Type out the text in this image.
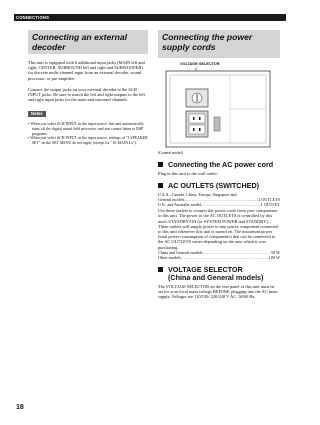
CONNECTIONS
Connecting an external decoder

This unit is equipped with 6 additional input jacks (MAIN left and right, CENTER, SURROUND left and right and SUBWOOFER) for discrete multi-channel input from an external decoder, sound processor, or pre-amplifier.

Connect the output jacks on your external decoder to the 6CH INPUT jacks. Be sure to match the left and right outputs to the left and right input jacks for the main and surround channels.

Notes

• When you select 6CH INPUT as the input source, this unit automatically turns off the digital sound field processor, and you cannot listen to DSP programs.

• When you select 6CH INPUT as the input source, settings of "1 SPEAKER SET" on the SET MENU do not apply (except for "1E MAIN Lv").

Connecting the power supply cords
VOLTAGE SELECTOR
(General model)
Connecting the AC power cord

Plug in this unit to the wall outlet.

AC OUTLETS (SWITCHED)
U.S.A., Canada, China, Europe, Singapore and
General models .....	2 OUTLETS
U.K. and Australia model .....	1 OUTLET

Use these outlets to connect the power cords from your components to this unit. The power to the AC OUTLETS is controlled by this unit's STANDBY/ON (or SYSTEM POWER and STANDBY). These outlets will supply power to any source component connected to this unit whenever this unit is turned on. The maximum power (total power consumption of components) that can be connected to the AC OUTLETS varies depending on the area which it was purchasing.

China and General models .....	50 W
Other models .....	100 W
VOLTAGE SELECTOR
(China and General models)

The VOLTAGE SELECTOR on the rear panel of this unit must be set for your local main voltage BEFORE plugging into the AC main supply. Voltages are 110/120/ 220/240 V AC, 50/60 Hz.

18
